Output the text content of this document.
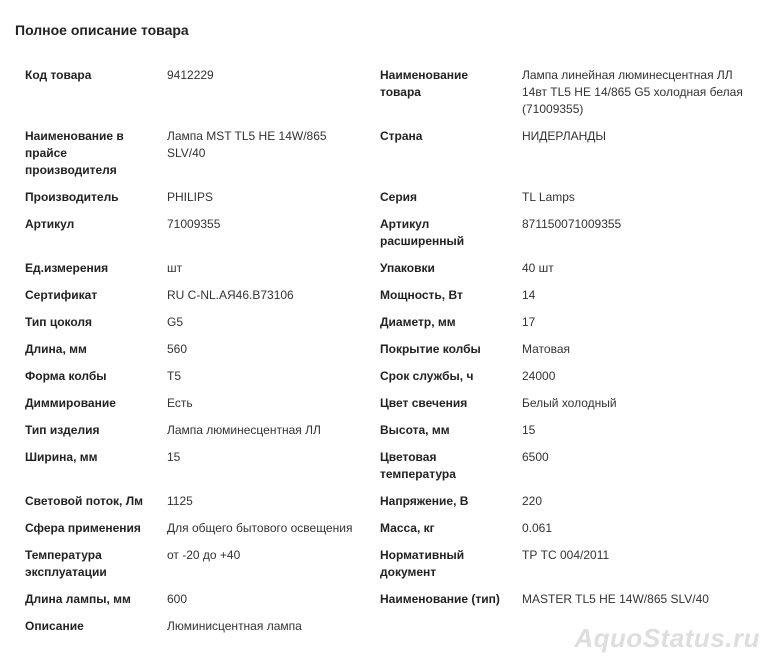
Полное описание товара
Код товара	9412229	Наименование товара	Лампа линейная люминесцентная ЛЛ 14вт TL5 HE 14/865 G5 холодная белая (71009355)
Наименование в прайсе производителя	Лампа MST TL5 HE 14W/865 SLV/40	Страна	НИДЕРЛАНДЫ
Производитель	PHILIPS	Серия	TL Lamps
Артикул	71009355	Артикул расширенный	871150071009355
Ед.измерения	шт	Упаковки	40 шт
Сертификат	RU C-NL.АЯ46.В73106	Мощность, Вт	14
Тип цоколя	G5	Диаметр, мм	17
Длина, мм	560	Покрытие колбы	Матовая
Форма колбы	T5	Срок службы, ч	24000
Диммирование	Есть	Цвет свечения	Белый холодный
Тип изделия	Лампа люминесцентная ЛЛ	Высота, мм	15
Ширина, мм	15	Цветовая температура	6500
Световой поток, Лм	1125	Напряжение, В	220
Сфера применения	Для общего бытового освещения	Масса, кг	0.061
Температура эксплуатации	от -20 до +40	Нормативный документ	ТР ТС 004/2011
Длина лампы, мм	600	Наименование (тип)	MASTER TL5 HE 14W/865 SLV/40
Описание	Люминисцентная лампа			AquoStatus.ru
